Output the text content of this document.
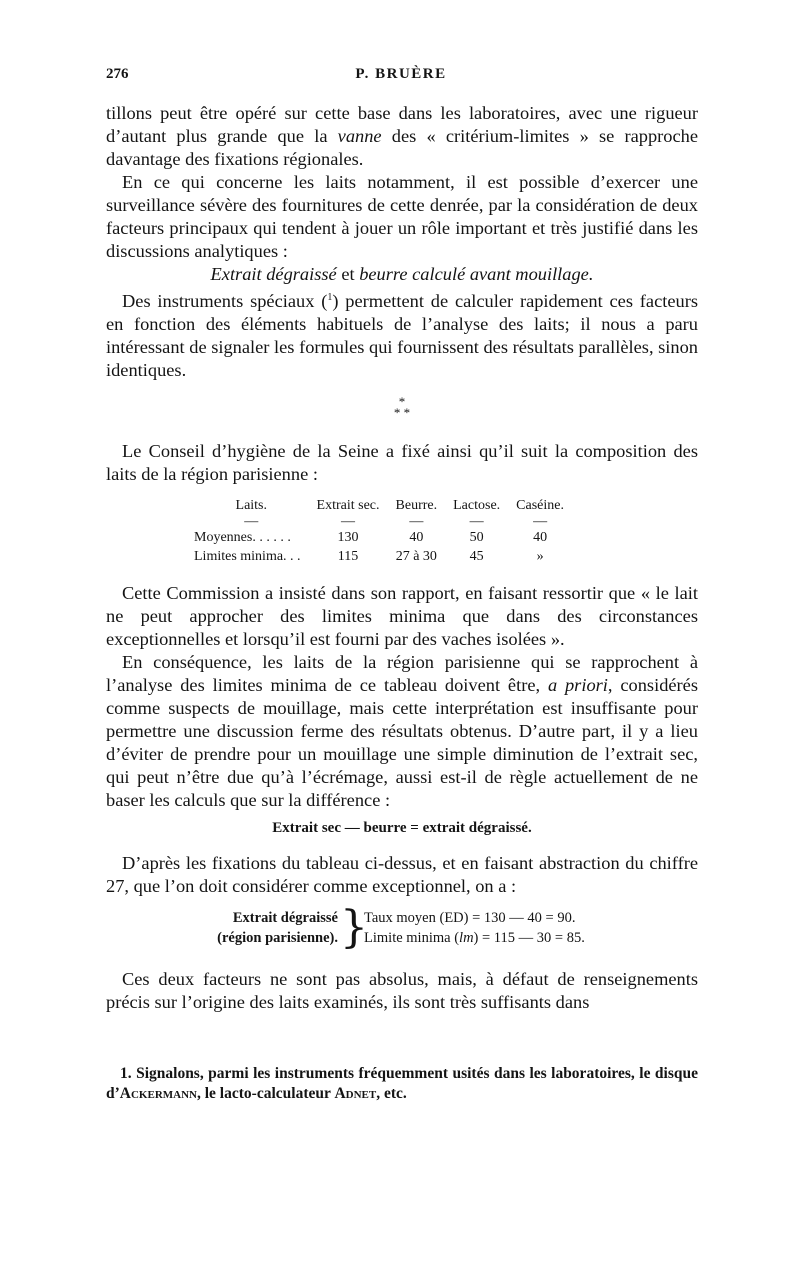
276	P. BRUÈRE

tillons peut être opéré sur cette base dans les laboratoires, avec une rigueur d’autant plus grande que la vanne des « critérium-limites » se rapproche davantage des fixations régionales.

En ce qui concerne les laits notamment, il est possible d’exercer une surveillance sévère des fournitures de cette denrée, par la considération de deux facteurs principaux qui tendent à jouer un rôle important et très justifié dans les discussions analytiques :

Extrait dégraissé et beurre calculé avant mouillage.

Des instruments spéciaux ($^1$) permettent de calculer rapidement ces facteurs en fonction des éléments habituels de l’analyse des laits; il nous a paru intéressant de signaler les formules qui fournissent des résultats parallèles, sinon identiques.

*
* *

Le Conseil d’hygiène de la Seine a fixé ainsi qu’il suit la composition des laits de la région parisienne :

Laits.	Extrait sec.	Beurre.	Lactose.	Caséine.
—	—	—	—	—
Moyennes. . . . . .	130	40	50	40
Limites minima. . .	115	27 à 30	45	»

Cette Commission a insisté dans son rapport, en faisant ressortir que « le lait ne peut approcher des limites minima que dans des circonstances exceptionnelles et lorsqu’il est fourni par des vaches isolées ».

En conséquence, les laits de la région parisienne qui se rapprochent à l’analyse des limites minima de ce tableau doivent être, a priori, considérés comme suspects de mouillage, mais cette interprétation est insuffisante pour permettre une discussion ferme des résultats obtenus. D’autre part, il y a lieu d’éviter de prendre pour un mouillage une simple diminution de l’extrait sec, qui peut n’être due qu’à l’écrémage, aussi est-il de règle actuellement de ne baser les calculs que sur la différence :

Extrait sec — beurre = extrait dégraissé.

D’après les fixations du tableau ci-dessus, et en faisant abstraction du chiffre 27, que l’on doit considérer comme exceptionnel, on a :

Extrait dégraissé
(région parisienne). }
Taux moyen (ED) = 130 — 40 = 90.
Limite minima (lm) = 115 — 30 = 85.

Ces deux facteurs ne sont pas absolus, mais, à défaut de renseignements précis sur l’origine des laits examinés, ils sont très suffisants dans

1. Signalons, parmi les instruments fréquemment usités dans les laboratoires, le disque d’Ackermann, le lacto-calculateur Adnet, etc.
